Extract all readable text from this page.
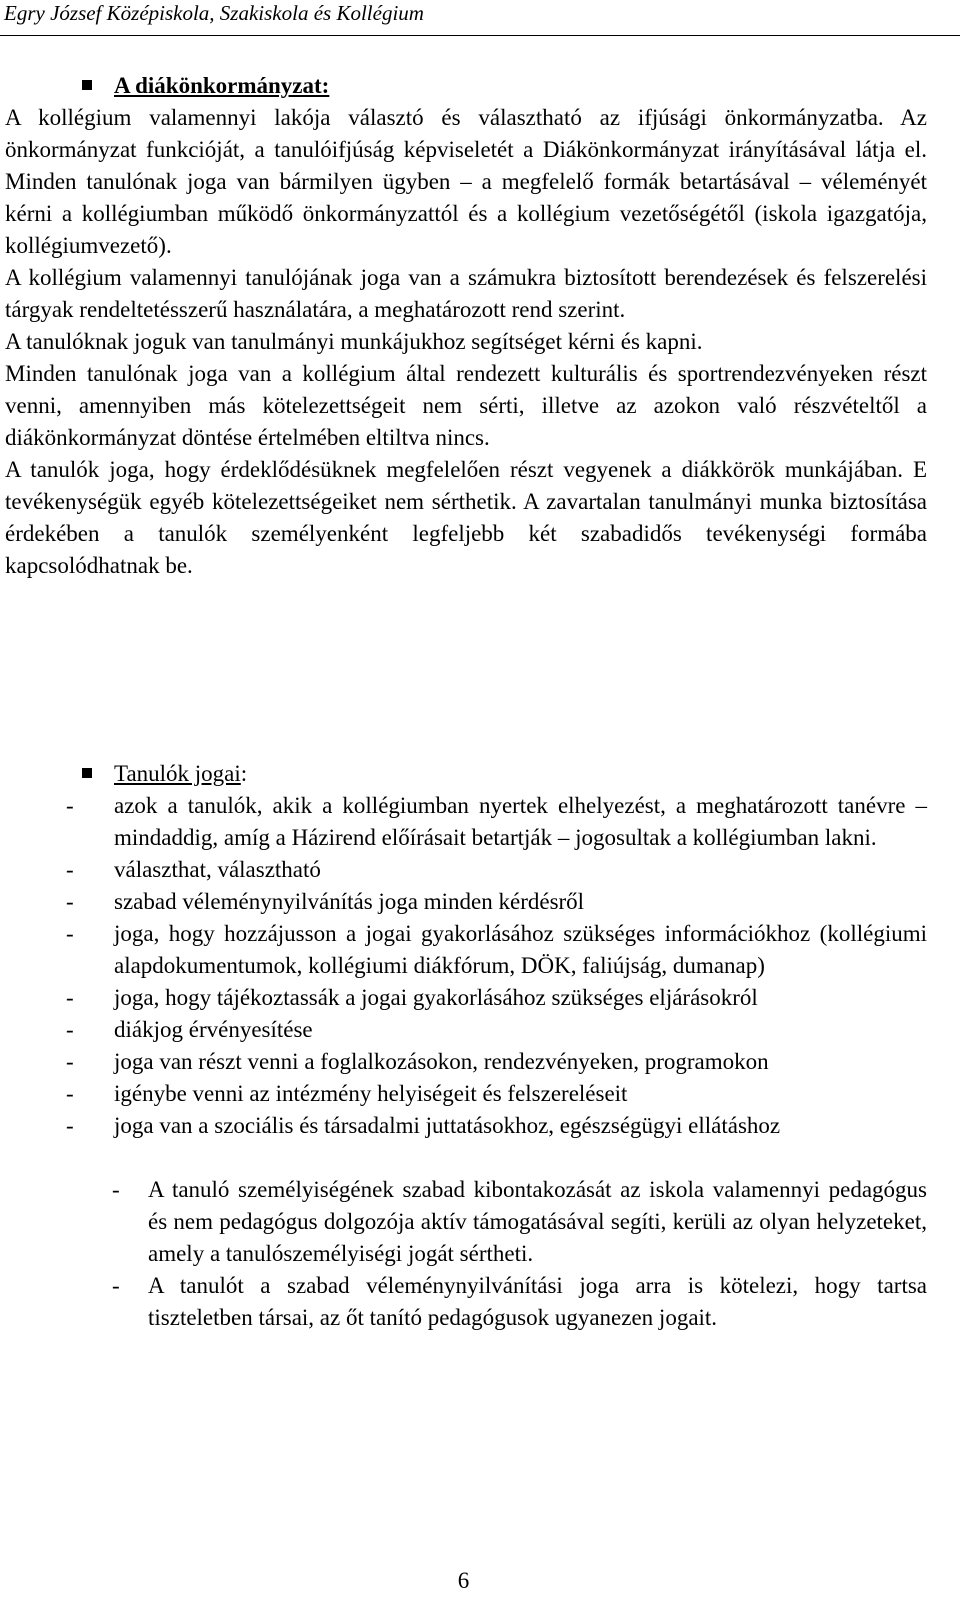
Egry József Középiskola, Szakiskola és Kollégium
A diákönkormányzat:

A kollégium valamennyi lakója választó és választható az ifjúsági önkormányzatba. Az önkormányzat funkcióját, a tanulóifjúság képviseletét a Diákönkormányzat irányításával látja el. Minden tanulónak joga van bármilyen ügyben – a megfelelő formák betartásával – véleményét kérni a kollégiumban működő önkormányzattól és a kollégium vezetőségétől (iskola igazgatója, kollégiumvezető).

A kollégium valamennyi tanulójának joga van a számukra biztosított berendezések és felszerelési tárgyak rendeltetésszerű használatára, a meghatározott rend szerint.

A tanulóknak joguk van tanulmányi munkájukhoz segítséget kérni és kapni.

Minden tanulónak joga van a kollégium által rendezett kulturális és sportrendezvényeken részt venni, amennyiben más kötelezettségeit nem sérti, illetve az azokon való részvételtől a diákönkormányzat döntése értelmében eltiltva nincs.

A tanulók joga, hogy érdeklődésüknek megfelelően részt vegyenek a diákkörök munkájában. E tevékenységük egyéb kötelezettségeiket nem sérthetik. A zavartalan tanulmányi munka biztosítása érdekében a tanulók személyenként legfeljebb két szabadidős tevékenységi formába kapcsolódhatnak be.

Tanulók jogai:
- azok a tanulók, akik a kollégiumban nyertek elhelyezést, a meghatározott tanévre – mindaddig, amíg a Házirend előírásait betartják – jogosultak a kollégiumban lakni.
- választhat, választható
- szabad véleménynyilvánítás joga minden kérdésről
- joga, hogy hozzájusson a jogai gyakorlásához szükséges információkhoz (kollégiumi alapdokumentumok, kollégiumi diákfórum, DÖK, faliújság, dumanap)
- joga, hogy tájékoztassák a jogai gyakorlásához szükséges eljárásokról
- diákjog érvényesítése
- joga van részt venni a foglalkozásokon, rendezvényeken, programokon
- igénybe venni az intézmény helyiségeit és felszereléseit
- joga van a szociális és társadalmi juttatásokhoz, egészségügyi ellátáshoz
- A tanuló személyiségének szabad kibontakozását az iskola valamennyi pedagógus és nem pedagógus dolgozója aktív támogatásával segíti, kerüli az olyan helyzeteket, amely a tanulószemélyiségi jogát sértheti.
- A tanulót a szabad véleménynyilvánítási joga arra is kötelezi, hogy tartsa tiszteletben társai, az őt tanító pedagógusok ugyanezen jogait.
6
